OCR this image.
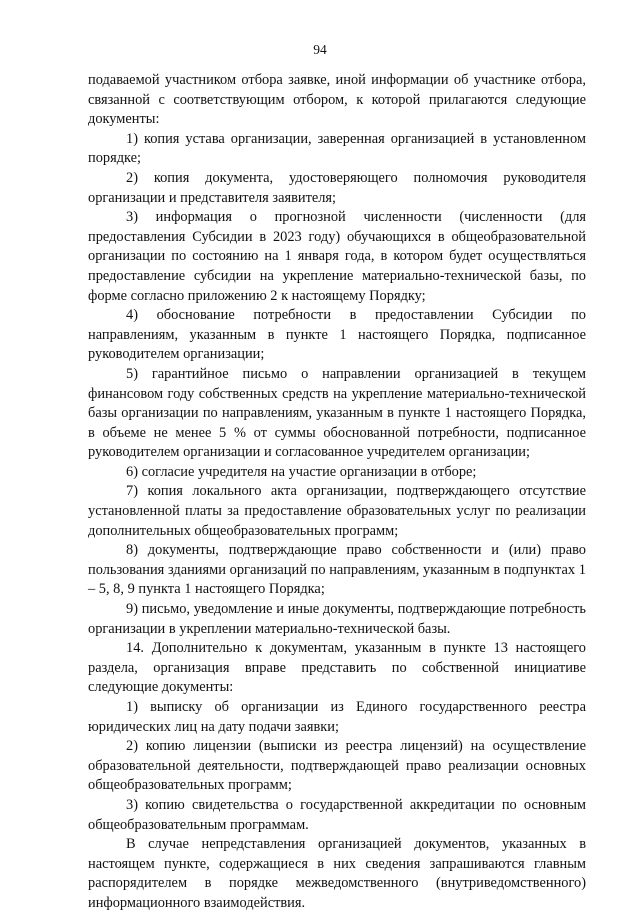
94

подаваемой участником отбора заявке, иной информации об участнике отбора, связанной с соответствующим отбором, к которой прилагаются следующие документы:

1) копия устава организации, заверенная организацией в установленном порядке;

2) копия документа, удостоверяющего полномочия руководителя организации и представителя заявителя;

3) информация о прогнозной численности (численности (для предоставления Субсидии в 2023 году) обучающихся в общеобразовательной организации по состоянию на 1 января года, в котором будет осуществляться предоставление субсидии на укрепление материально-технической базы, по форме согласно приложению 2 к настоящему Порядку;

4) обоснование потребности в предоставлении Субсидии по направлениям, указанным в пункте 1 настоящего Порядка, подписанное руководителем организации;

5) гарантийное письмо о направлении организацией в текущем финансовом году собственных средств на укрепление материально-технической базы организации по направлениям, указанным в пункте 1 настоящего Порядка, в объеме не менее 5 % от суммы обоснованной потребности, подписанное руководителем организации и согласованное учредителем организации;

6) согласие учредителя на участие организации в отборе;

7) копия локального акта организации, подтверждающего отсутствие установленной платы за предоставление образовательных услуг по реализации дополнительных общеобразовательных программ;

8) документы, подтверждающие право собственности и (или) право пользования зданиями организаций по направлениям, указанным в подпунктах 1 – 5, 8, 9 пункта 1 настоящего Порядка;

9) письмо, уведомление и иные документы, подтверждающие потребность организации в укреплении материально-технической базы.

14. Дополнительно к документам, указанным в пункте 13 настоящего раздела, организация вправе представить по собственной инициативе следующие документы:

1) выписку об организации из Единого государственного реестра юридических лиц на дату подачи заявки;

2) копию лицензии (выписки из реестра лицензий) на осуществление образовательной деятельности, подтверждающей право реализации основных общеобразовательных программ;

3) копию свидетельства о государственной аккредитации по основным общеобразовательным программам.

В случае непредставления организацией документов, указанных в настоящем пункте, содержащиеся в них сведения запрашиваются главным распорядителем в порядке межведомственного (внутриведомственного) информационного взаимодействия.
